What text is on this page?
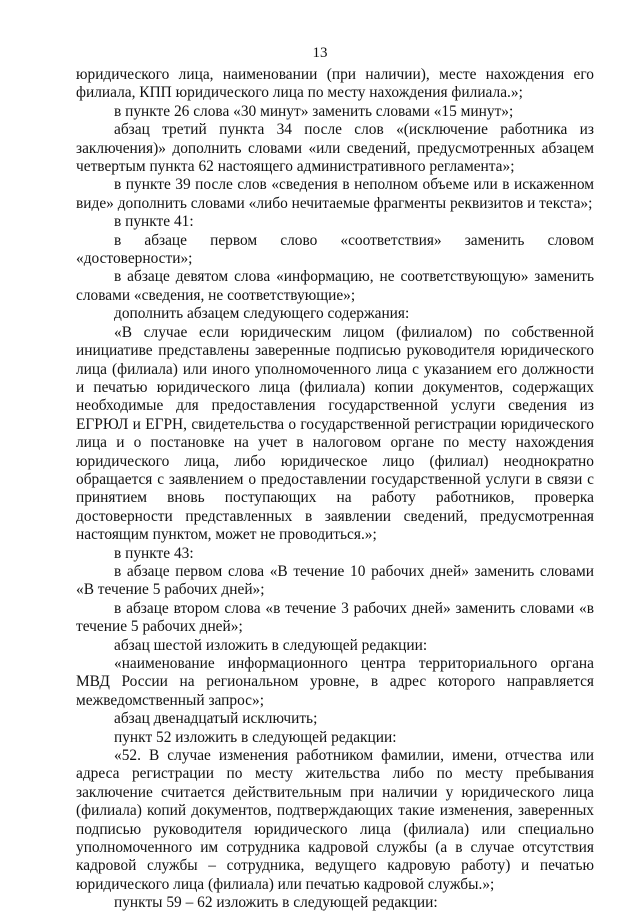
13

юридического лица, наименовании (при наличии), месте нахождения его филиала, КПП юридического лица по месту нахождения филиала.»;

в пункте 26 слова «30 минут» заменить словами «15 минут»;

абзац третий пункта 34 после слов «(исключение работника из заключения)» дополнить словами «или сведений, предусмотренных абзацем четвертым пункта 62 настоящего административного регламента»;

в пункте 39 после слов «сведения в неполном объеме или в искаженном виде» дополнить словами «либо нечитаемые фрагменты реквизитов и текста»;

в пункте 41:

в абзаце первом слово «соответствия» заменить словом «достоверности»;

в абзаце девятом слова «информацию, не соответствующую» заменить словами «сведения, не соответствующие»;

дополнить абзацем следующего содержания:

«В случае если юридическим лицом (филиалом) по собственной инициативе представлены заверенные подписью руководителя юридического лица (филиала) или иного уполномоченного лица с указанием его должности и печатью юридического лица (филиала) копии документов, содержащих необходимые для предоставления государственной услуги сведения из ЕГРЮЛ и ЕГРН, свидетельства о государственной регистрации юридического лица и о постановке на учет в налоговом органе по месту нахождения юридического лица, либо юридическое лицо (филиал) неоднократно обращается с заявлением о предоставлении государственной услуги в связи с принятием вновь поступающих на работу работников, проверка достоверности представленных в заявлении сведений, предусмотренная настоящим пунктом, может не проводиться.»;

в пункте 43:

в абзаце первом слова «В течение 10 рабочих дней» заменить словами «В течение 5 рабочих дней»;

в абзаце втором слова «в течение 3 рабочих дней» заменить словами «в течение 5 рабочих дней»;

абзац шестой изложить в следующей редакции:

«наименование информационного центра территориального органа МВД России на региональном уровне, в адрес которого направляется межведомственный запрос»;

абзац двенадцатый исключить;

пункт 52 изложить в следующей редакции:

«52. В случае изменения работником фамилии, имени, отчества или адреса регистрации по месту жительства либо по месту пребывания заключение считается действительным при наличии у юридического лица (филиала) копий документов, подтверждающих такие изменения, заверенных подписью руководителя юридического лица (филиала) или специально уполномоченного им сотрудника кадровой службы (а в случае отсутствия кадровой службы – сотрудника, ведущего кадровую работу) и печатью юридического лица (филиала) или печатью кадровой службы.»;

пункты 59 – 62 изложить в следующей редакции:
